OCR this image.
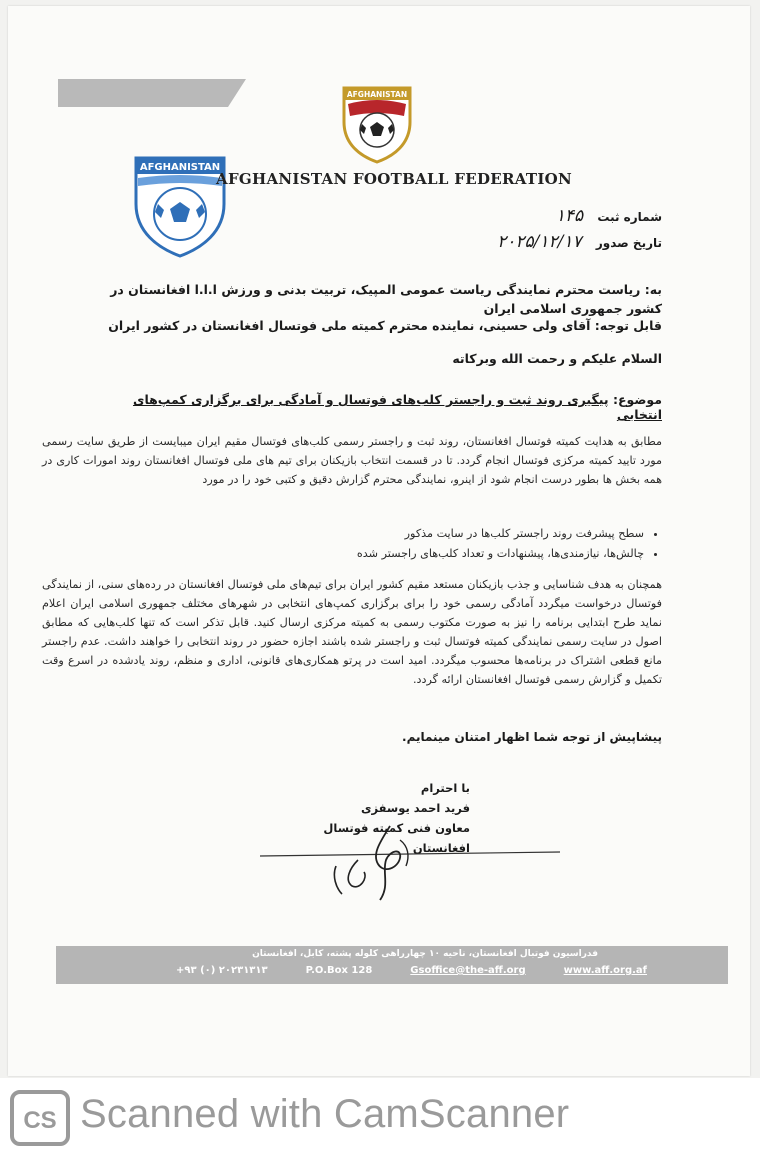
AFGHANISTAN
AFGHANISTAN
AFGHANISTAN FOOTBALL FEDERATION
شماره ثبت ۱۴۵
تاریخ صدور ۲۰۲۵/۱۲/۱۷
به: ریاست محترم نمایندگی ریاست عمومی المپیک، تربیت بدنی و ورزش ا.ا.ا افغانستان در کشور جمهوری اسلامی ایران
قابل توجه: آقای ولی حسینی، نماینده محترم کمیته ملی فوتسال افغانستان در کشور ایران
السلام علیکم و رحمت الله وبرکاته
موضوع: پیگیری روند ثبت و راجستر کلب‌های فوتسال و آمادگی برای برگزاری کمپ‌های انتخابی
مطابق به هدایت کمیته فوتسال افغانستان، روند ثبت و راجستر رسمی کلب‌های فوتسال مقیم ایران میبایست از طریق سایت رسمی مورد تایید کمیته مرکزی فوتسال انجام گردد. تا در قسمت انتخاب بازیکنان برای تیم های ملی فوتسال افغانستان روند امورات کاری در همه بخش ها بطور درست انجام شود از اینرو، نمایندگی محترم گزارش دقیق و کتبی خود را در مورد
• سطح پیشرفت روند راجستر کلب‌ها در سایت مذکور
• چالش‌ها، نیازمندی‌ها، پیشنهادات و تعداد کلب‌های راجستر شده
همچنان به هدف شناسایی و جذب بازیکنان مستعد مقیم کشور ایران برای تیم‌های ملی فوتسال افغانستان در رده‌های سنی، از نمایندگی فوتسال درخواست میگردد آمادگی رسمی خود را برای برگزاری کمپ‌های انتخابی در شهرهای مختلف جمهوری اسلامی ایران اعلام نماید طرح ابتدایی برنامه را نیز به صورت مکتوب رسمی به کمیته مرکزی ارسال کنید. قابل تذکر است که تنها کلب‌هایی که مطابق اصول در سایت رسمی نمایندگی کمیته فوتسال ثبت و راجستر شده باشند اجازه حضور در روند انتخابی را خواهند داشت. عدم راجستر مانع قطعی اشتراک در برنامه‌ها محسوب میگردد. امید است در پرتو همکاری‌های قانونی، اداری و منظم، روند یادشده در اسرع وقت تکمیل و گزارش رسمی فوتسال افغانستان ارائه گردد.
پیشاپیش از توجه شما اظهار امتنان مینمایم.
با احترام
فرید احمد یوسفزی
معاون فنی کمیته فوتسال افغانستان
فدراسیون فوتبال افغانستان، ناحیه ۱۰ چهارراهی کلوله پشته، کابل، افغانستان
+۹۳ (۰) ۲۰۲۳۱۳۱۳	P.O.Box 128	Gsoffice@the-aff.org	www.aff.org.af
CS Scanned with CamScanner
